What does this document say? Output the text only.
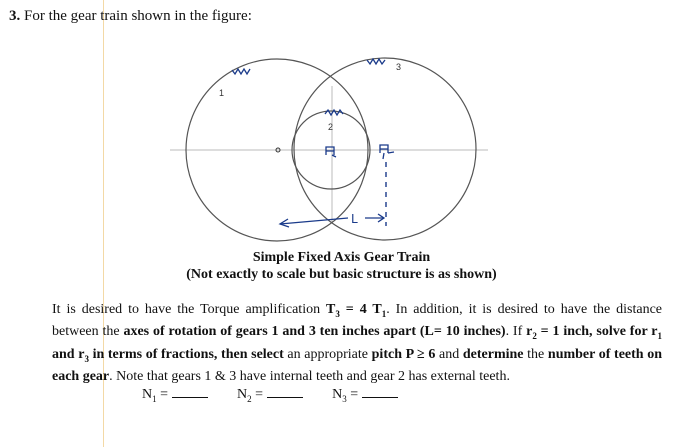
3. For the gear train shown in the figure:
1
2
3
L
Simple Fixed Axis Gear Train
(Not exactly to scale but basic structure is as shown)
It is desired to have the Torque amplification $T_3 = 4$ $T_1$. In addition, it is desired to have the distance between the axes of rotation of gears 1 and 3 ten inches apart (L= 10 inches). If $r_2 = 1$ inch, solve for $r_1$ and $r_3$ in terms of fractions, then select an appropriate pitch P ≥ 6 and determine the number of teeth on each gear. Note that gears 1 & 3 have internal teeth and gear 2 has external teeth.
$N_1$ =	$N_2$ =	$N_3$ =
